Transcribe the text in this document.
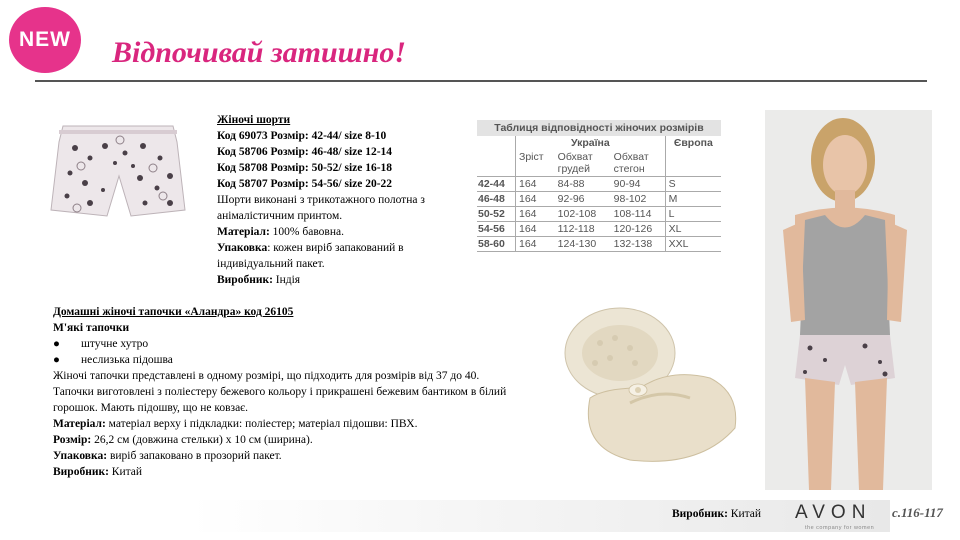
NEW Відпочивай затишно!
Жіночі шорти
Код 69073 Розмір: 42-44/ size 8-10
Код 58706 Розмір: 46-48/ size 12-14
Код 58708 Розмір: 50-52/ size 16-18
Код 58707 Розмір: 54-56/ size 20-22
Шорти виконані з трикотажного полотна з анімалістичним принтом.
Матеріал: 100% бавовна.
Упаковка: кожен виріб запакований в індивідуальний пакет.
Виробник: Індія
Таблиця відповідності жіночих розмірів				
	Україна			Європа
	Зріст	Обхват грудей	Обхват стегон	
42-44	164	84-88	90-94	S
46-48	164	92-96	98-102	M
50-52	164	102-108	108-114	L
54-56	164	112-118	120-126	XL
58-60	164	124-130	132-138	XXL
Домашні жіночі тапочки «Аландра» код 26105
М'які тапочки
● штучне хутро
● неслизька підошва
Жіночі тапочки представлені в одному розмірі, що підходить для розмірів від 37 до 40.
Тапочки виготовлені з поліестеру бежевого кольору і прикрашені бежевим бантиком в білий горошок. Мають підошву, що не ковзає.
Матеріал: матеріал верху і підкладки: поліестер; матеріал підошви: ПВХ.
Розмір: 26,2 см (довжина стельки) х 10 см (ширина).
Упаковка: виріб запаковано в прозорий пакет.
Виробник: Китай
Виробник: Китай AVON
the company for women
с.116-117
